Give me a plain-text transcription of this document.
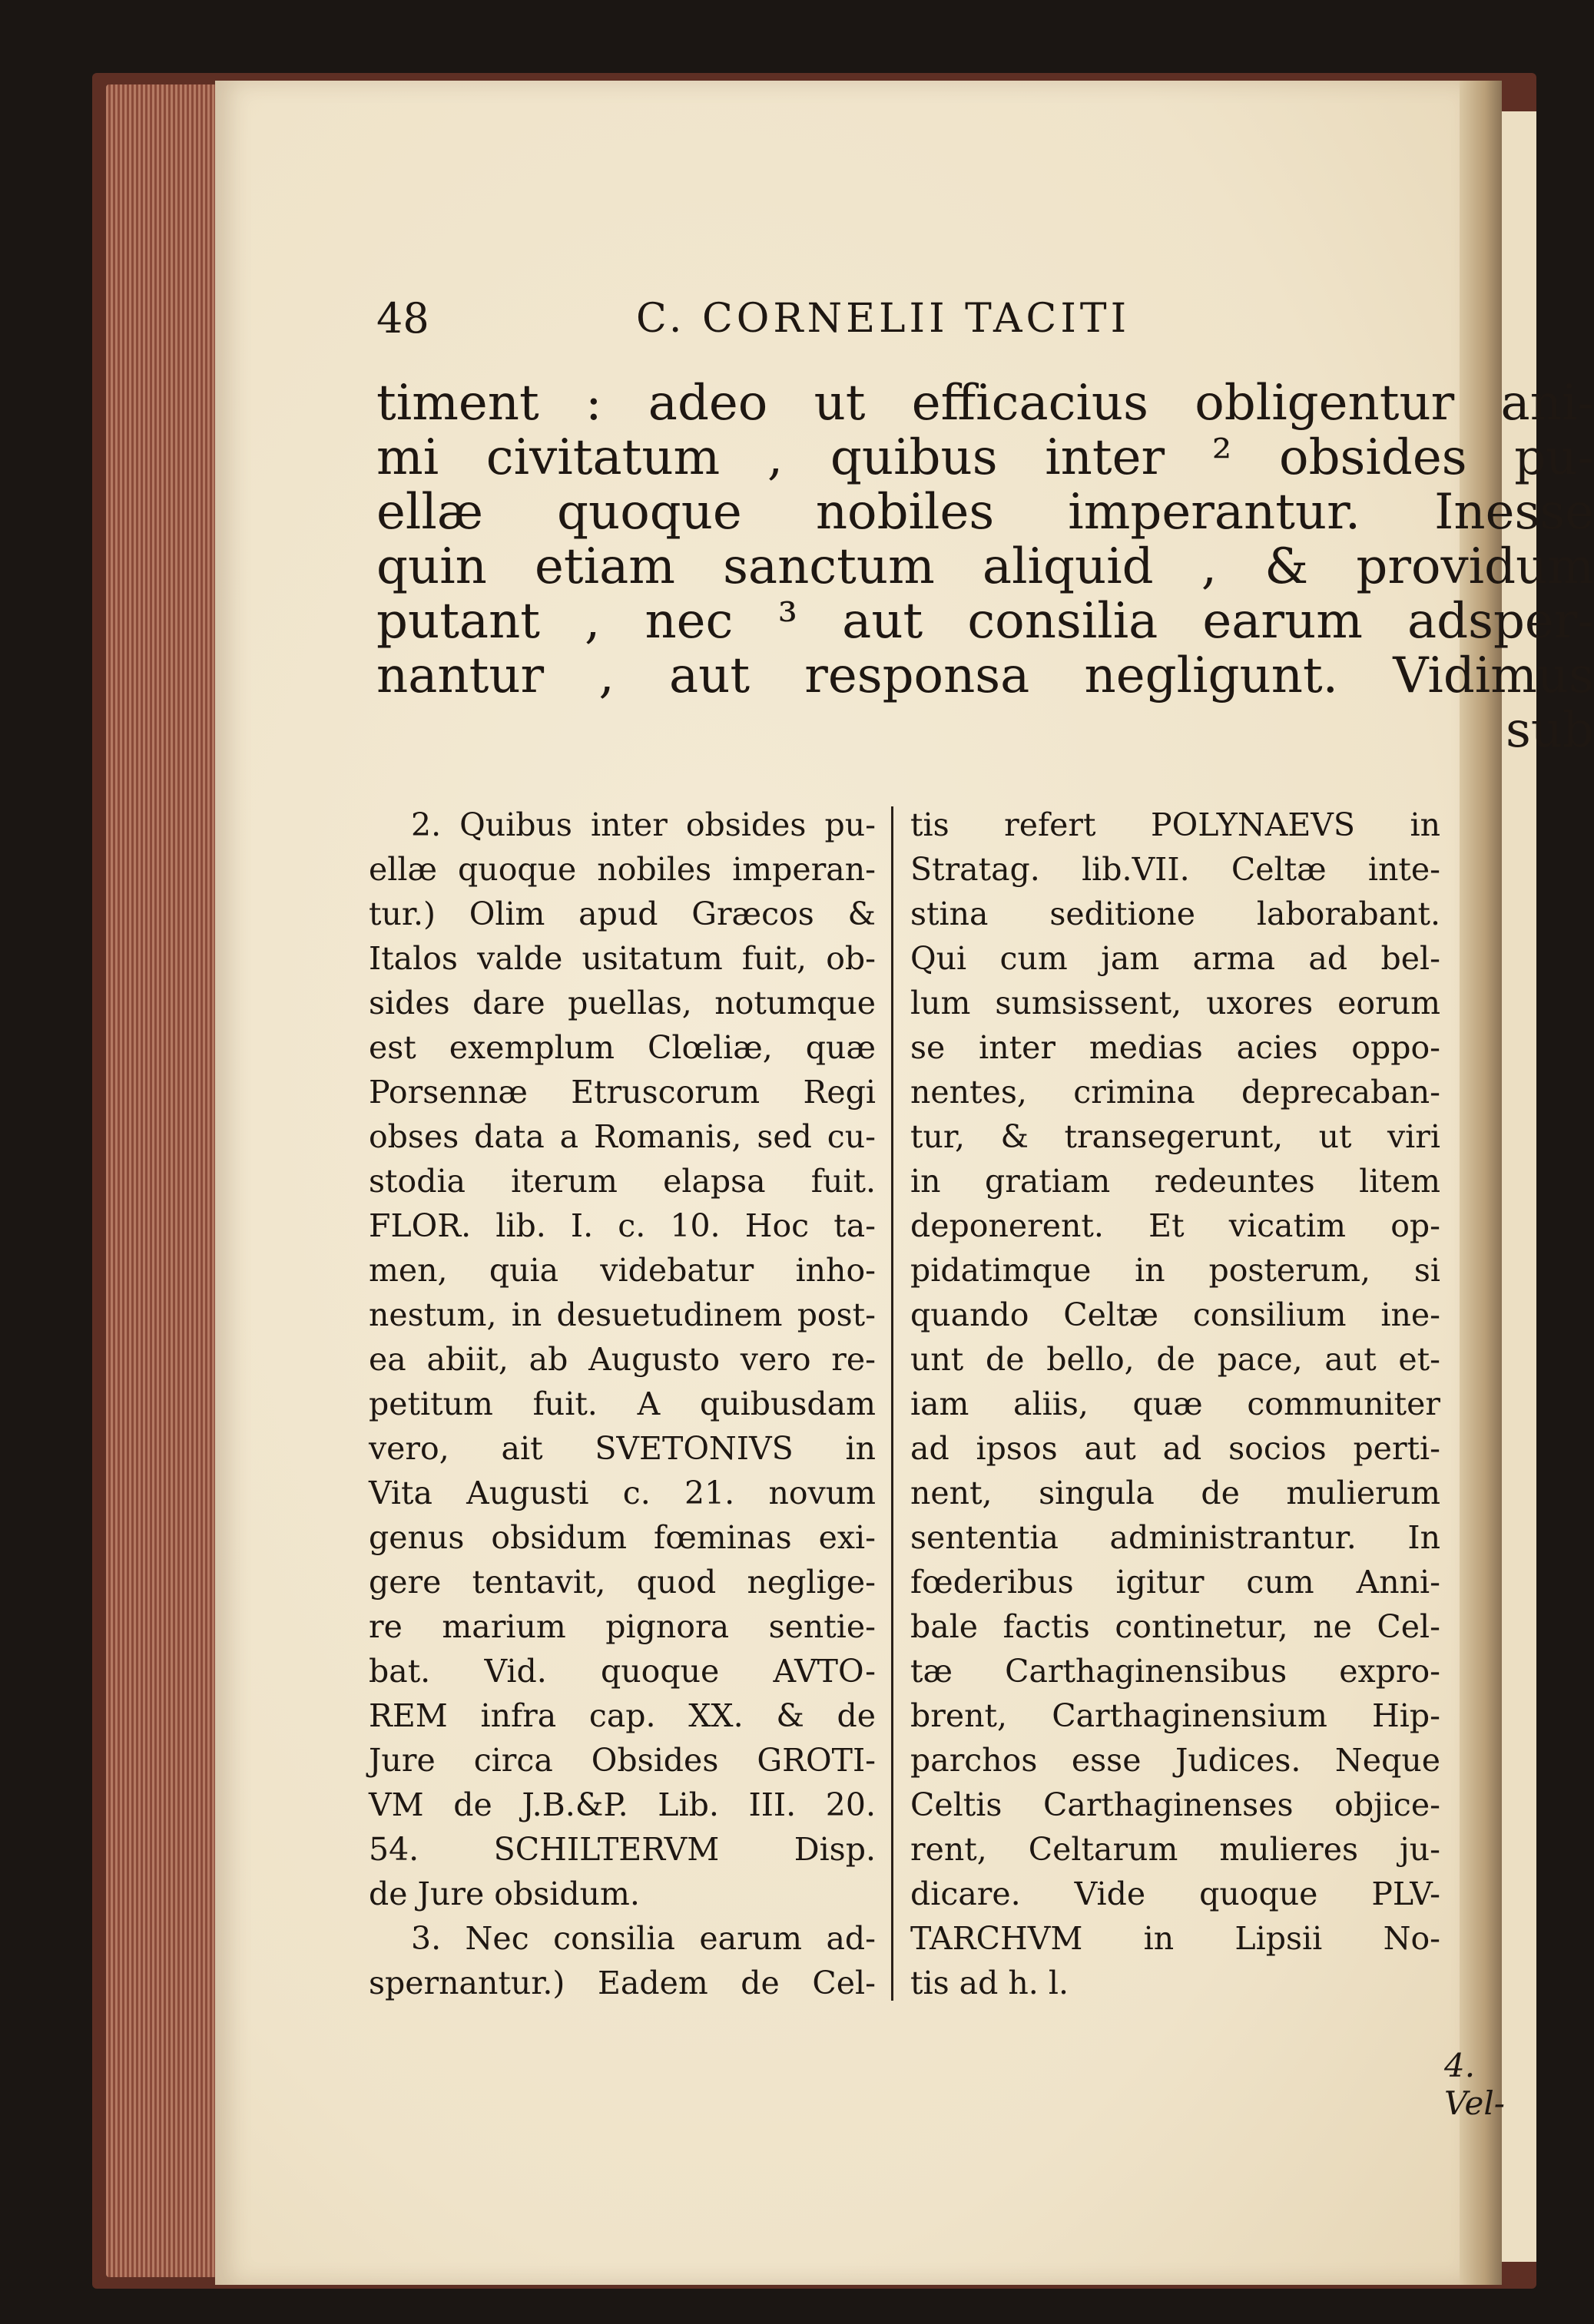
48	C. CORNELII TACITI
timent : adeo ut efficacius obligentur ani-
mi civitatum , quibus inter ² obsides pu-
ellæ quoque nobiles imperantur. Inesse
quin etiam sanctum aliquid , & providum
putant , nec ³ aut consilia earum adsper-
nantur , aut responsa negligunt. Vidimus
sub
2. Quibus inter obsides pu-
ellæ quoque nobiles imperan-
tur.) Olim apud Græcos &
Italos valde usitatum fuit, ob-
sides dare puellas, notumque
est exemplum Clœliæ, quæ
Porsennæ Etruscorum Regi
obses data a Romanis, sed cu-
stodia iterum elapsa fuit.
FLOR. lib. I. c. 10. Hoc ta-
men, quia videbatur inho-
nestum, in desuetudinem post-
ea abiit, ab Augusto vero re-
petitum fuit. A quibusdam
vero, ait SVETONIVS in
Vita Augusti c. 21. novum
genus obsidum fœminas exi-
gere tentavit, quod neglige-
re marium pignora sentie-
bat. Vid. quoque AVTO-
REM infra cap. XX. & de
Jure circa Obsides GROTI-
VM de J.B.&P. Lib. III. 20.
54. SCHILTERVM Disp.
de Jure obsidum.
3. Nec consilia earum ad-
spernantur.) Eadem de Cel-
tis refert POLYNAEVS in
Stratag. lib.VII. Celtæ inte-
stina seditione laborabant.
Qui cum jam arma ad bel-
lum sumsissent, uxores eorum
se inter medias acies oppo-
nentes, crimina deprecaban-
tur, & transegerunt, ut viri
in gratiam redeuntes litem
deponerent. Et vicatim op-
pidatimque in posterum, si
quando Celtæ consilium ine-
unt de bello, de pace, aut et-
iam aliis, quæ communiter
ad ipsos aut ad socios perti-
nent, singula de mulierum
sententia administrantur. In
fœderibus igitur cum Anni-
bale factis continetur, ne Cel-
tæ Carthaginensibus expro-
brent, Carthaginensium Hip-
parchos esse Judices. Neque
Celtis Carthaginenses objice-
rent, Celtarum mulieres ju-
dicare. Vide quoque PLV-
TARCHVM in Lipsii No-
tis ad h. l.
4. Vel-
